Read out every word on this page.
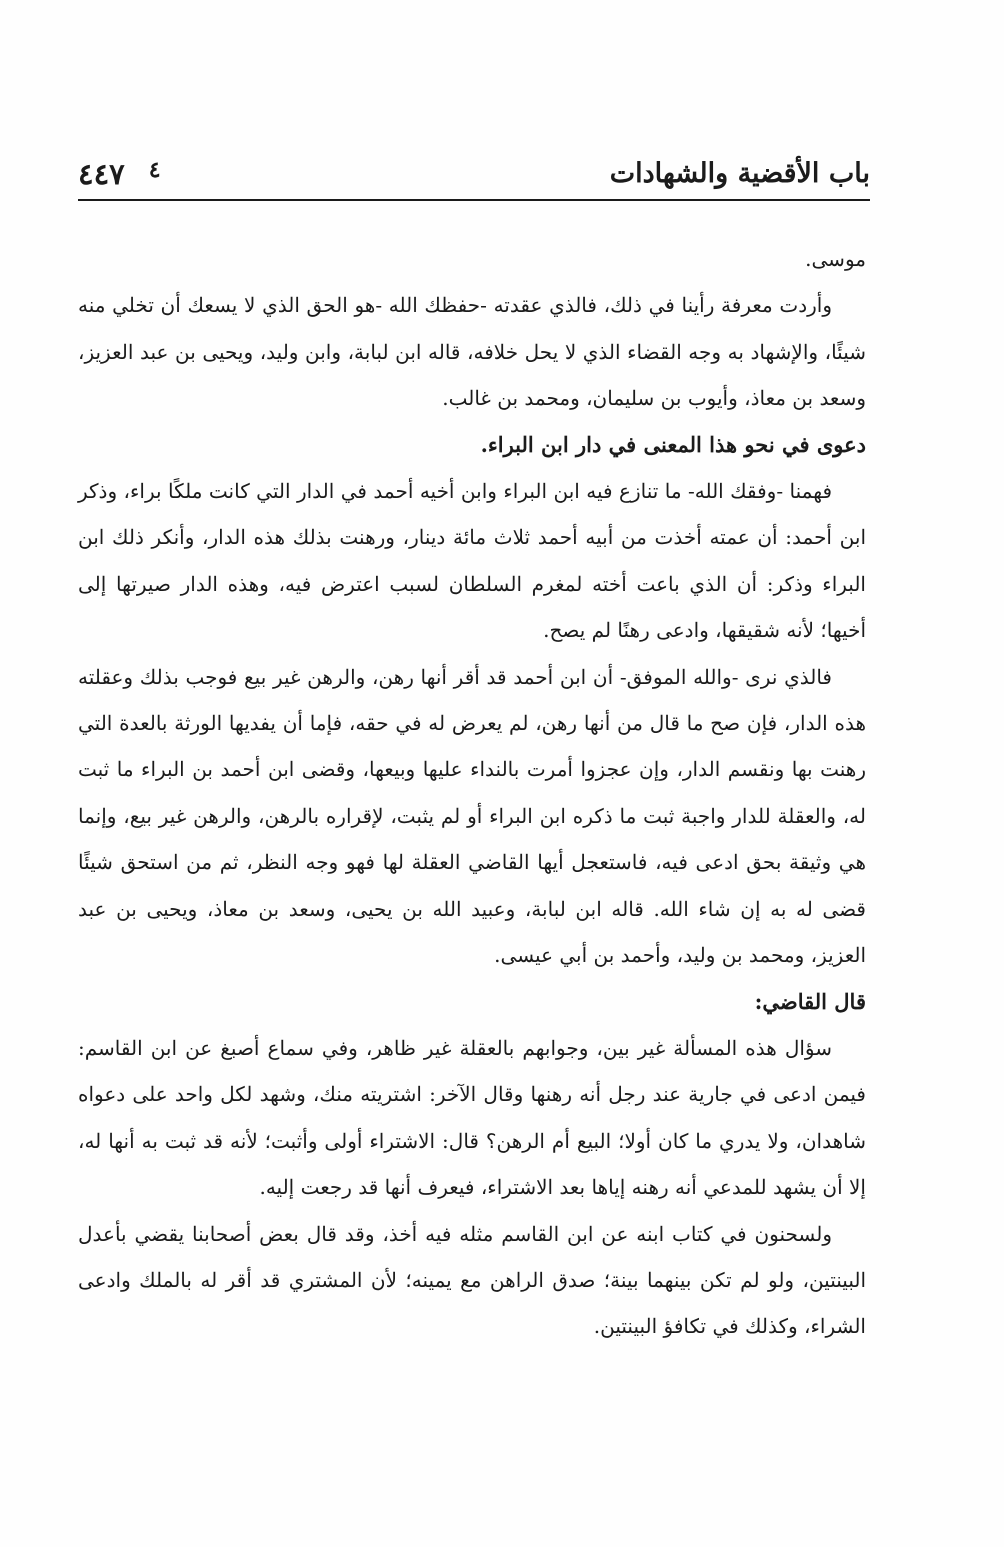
باب الأقضية والشهادات
٤٤٧ ٤

موسى.

وأردت معرفة رأينا في ذلك، فالذي عقدته -حفظك الله -هو الحق الذي لا يسعك أن تخلي منه شيئًا، والإشهاد به وجه القضاء الذي لا يحل خلافه، قاله ابن لبابة، وابن وليد، ويحيى بن عبد العزيز، وسعد بن معاذ، وأيوب بن سليمان، ومحمد بن غالب.

دعوى في نحو هذا المعنى في دار ابن البراء.

فهمنا -وفقك الله- ما تنازع فيه ابن البراء وابن أخيه أحمد في الدار التي كانت ملكًا براء، وذكر ابن أحمد: أن عمته أخذت من أبيه أحمد ثلاث مائة دينار، ورهنت بذلك هذه الدار، وأنكر ذلك ابن البراء وذكر: أن الذي باعت أخته لمغرم السلطان لسبب اعترض فيه، وهذه الدار صيرتها إلى أخيها؛ لأنه شقيقها، وادعى رهنًا لم يصح.

فالذي نرى -والله الموفق- أن ابن أحمد قد أقر أنها رهن، والرهن غير بيع فوجب بذلك وعقلته هذه الدار، فإن صح ما قال من أنها رهن، لم يعرض له في حقه، فإما أن يفديها الورثة بالعدة التي رهنت بها ونقسم الدار، وإن عجزوا أمرت بالنداء عليها وبيعها، وقضى ابن أحمد بن البراء ما ثبت له، والعقلة للدار واجبة ثبت ما ذكره ابن البراء أو لم يثبت، لإقراره بالرهن، والرهن غير بيع، وإنما هي وثيقة بحق ادعى فيه، فاستعجل أيها القاضي العقلة لها فهو وجه النظر، ثم من استحق شيئًا قضى له به إن شاء الله. قاله ابن لبابة، وعبيد الله بن يحيى، وسعد بن معاذ، ويحيى بن عبد العزيز، ومحمد بن وليد، وأحمد بن أبي عيسى.

قال القاضي:

سؤال هذه المسألة غير بين، وجوابهم بالعقلة غير ظاهر، وفي سماع أصبغ عن ابن القاسم: فيمن ادعى في جارية عند رجل أنه رهنها وقال الآخر: اشتريته منك، وشهد لكل واحد على دعواه شاهدان، ولا يدري ما كان أولا؛ البيع أم الرهن؟ قال: الاشتراء أولى وأثبت؛ لأنه قد ثبت به أنها له، إلا أن يشهد للمدعي أنه رهنه إياها بعد الاشتراء، فيعرف أنها قد رجعت إليه.

ولسحنون في كتاب ابنه عن ابن القاسم مثله فيه أخذ، وقد قال بعض أصحابنا يقضي بأعدل البينتين، ولو لم تكن بينهما بينة؛ صدق الراهن مع يمينه؛ لأن المشتري قد أقر له بالملك وادعى الشراء، وكذلك في تكافؤ البينتين.
